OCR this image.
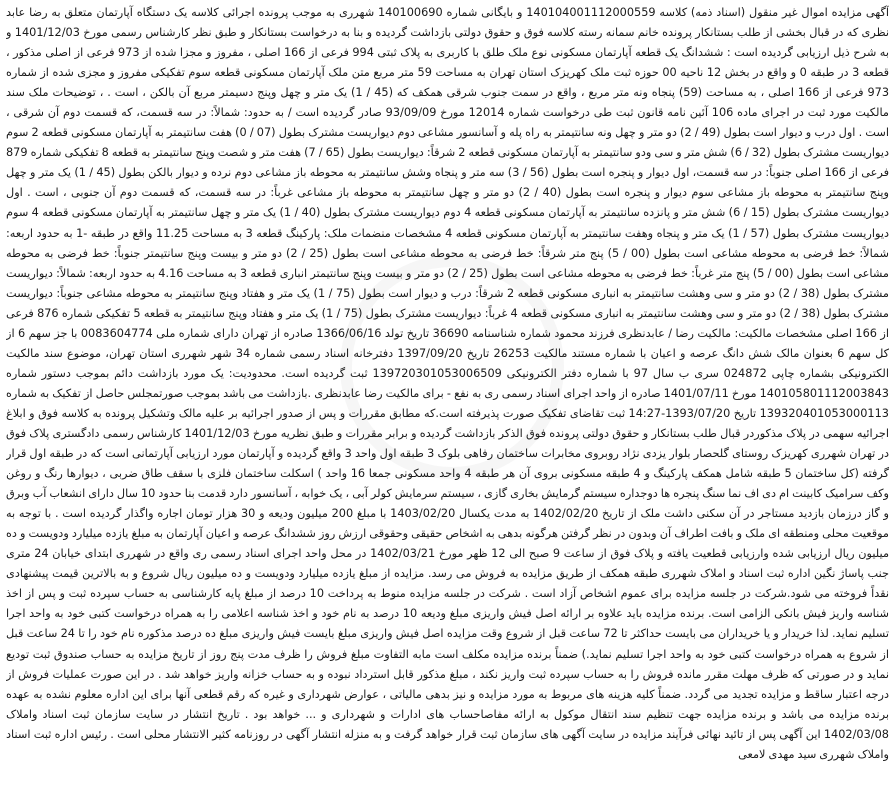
آگهی مزایده اموال غیر منقول (اسناد ذمه) کلاسه 140104001112000559 و بایگانی شماره 140100690 شهرری به موجب پرونده اجرائی کلاسه یک دستگاه آپارتمان متعلق به رضا عابد نظری که در قبال بخشی از طلب بستانکار پرونده خانم سمانه رسته کلاسه فوق و حقوق دولتی بازداشت گردیده و بنا به درخواست بستانکار و طبق نظر کارشناس رسمی مورخ 1401/12/03 و به شرح ذیل ارزیابی گردیده است : ششدانگ یک قطعه آپارتمان مسکونی نوع ملک طلق با کاربری به پلاک ثبتی 994 فرعی از 166 اصلی ، مفروز و مجزا شده از 973 فرعی از اصلی مذکور ، قطعه 3 در طبقه 0 و واقع در بخش 12 ناحیه 00 حوزه ثبت ملک کهریزک استان تهران به مساحت 59 متر مربع متن ملک آپارتمان مسکونی قطعه سوم تفکیکی مفروز و مجزی شده از شماره 973 فرعی از 166 اصلی ، به مساحت (59) پنجاه ونه متر مربع ، واقع در سمت جنوب شرقی همکف که (45 / 1) یک متر و چهل وپنج دسیمتر مربع آن بالکن ، است . ، توضیحات ملک سند مالکیت مورد ثبت در اجرای ماده 106 آئین نامه قانون ثبت طی درخواست شماره 12014 مورخ 93/09/09 صادر گردیده است / به حدود: شمالاً: در سه قسمت، که قسمت دوم آن شرقی ، است . اول درب و دیوار است بطول (49 / 2) دو متر و چهل ونه سانتیمتر به راه پله و آسانسور مشاعی دوم دیواریست مشترک بطول (07 / 0) هفت سانتیمتر به آپارتمان مسکونی قطعه 2 سوم دیواریست مشترک بطول (32 / 6) شش متر و سی ودو سانتیمتر به آپارتمان مسکونی قطعه 2 شرقاً: دیواریست بطول (65 / 7) هفت متر و شصت وپنج سانتیمتر به قطعه 8 تفکیکی شماره 879 فرعی از 166 اصلی جنوباً: در سه قسمت، اول دیوار و پنجره است بطول (56 / 3) سه متر و پنجاه وشش سانتیمتر به محوطه باز مشاعی دوم نرده و دیوار بالکن بطول (45 / 1) یک متر و چهل وپنج سانتیمتر به محوطه باز مشاعی سوم دیوار و پنجره است بطول (40 / 2) دو متر و چهل سانتیمتر به محوطه باز مشاعی غرباً: در سه قسمت، که قسمت دوم آن جنوبی ، است . اول دیواریست مشترک بطول (15 / 6) شش متر و پانزده سانتیمتر به آپارتمان مسکونی قطعه 4 دوم دیواریست مشترک بطول (40 / 1) یک متر و چهل سانتیمتر به آپارتمان مسکونی قطعه 4 سوم دیواریست مشترک بطول (57 / 1) یک متر و پنجاه وهفت سانتیمتر به آپارتمان مسکونی قطعه 4 مشخصات منضمات ملک: پارکینگ قطعه 3 به مساحت 11.25 واقع در طبقه -1 به حدود اربعه: شمالاً: خط فرضی به محوطه مشاعی است بطول (00 / 5) پنج متر شرقاً: خط فرضی به محوطه مشاعی است بطول (25 / 2) دو متر و بیست وپنج سانتیمتر جنوباً: خط فرضی به محوطه مشاعی است بطول (00 / 5) پنج متر غرباً: خط فرضی به محوطه مشاعی است بطول (25 / 2) دو متر و بیست وپنج سانتیمتر انباری قطعه 3 به مساحت 4.16 به حدود اربعه: شمالاً: دیواریست مشترک بطول (38 / 2) دو متر و سی وهشت سانتیمتر به انباری مسکونی قطعه 2 شرقاً: درب و دیوار است بطول (75 / 1) یک متر و هفتاد وپنج سانتیمتر به محوطه مشاعی جنوباً: دیواریست مشترک بطول (38 / 2) دو متر و سی وهشت سانتیمتر به انباری مسکونی قطعه 4 غرباً: دیواریست مشترک بطول (75 / 1) یک متر و هفتاد وپنج سانتیمتر به قطعه 5 تفکیکی شماره 876 فرعی از 166 اصلی مشخصات مالکیت: مالکیت رضا / عابدنظری فرزند محمود شماره شناسنامه 36690 تاریخ تولد 1366/06/16 صادره از تهران دارای شماره ملی 0083604774 با جز سهم 6 از کل سهم 6 بعنوان مالک شش دانگ عرصه و اعیان با شماره مستند مالکیت 26253 تاریخ 1397/09/20 دفترخانه اسناد رسمی شماره 34 شهر شهرری استان تهران، موضوع سند مالکیت الکترونیکی بشماره چاپی 024872 سری ب سال 97 با شماره دفتر الکترونیکی 139720301053006509 ثبت گردیده است. محدودیت: یک مورد بازداشت دائم بموجب دستور شماره 140105801112003843 مورخ 1401/07/11 صادره از واحد اجرای اسناد رسمی ری به نفع - برای مالکیت رضا عابدنظری .بازداشت می باشد بموجب صورتمجلس حاصل از تفکیک به شماره 139320401053000113 تاریخ 1393/07/20-14:27 ثبت تقاضای تفکیک صورت پذیرفته است.که مطابق مقررات و پس از صدور اجرائیه بر علیه مالک وتشکیل پرونده به کلاسه فوق و ابلاغ اجرائیه سهمی در پلاک مذکوردر قبال طلب بستانکار و حقوق دولتی پرونده فوق الذکر بازداشت گردیده و برابر مقررات و طبق نظریه مورخ 1401/12/03 کارشناس رسمی دادگستری پلاک فوق در تهران شهرری کهریزک روستای گلحصار بلوار یزدی نژاد روبروی مخابرات ساختمان رفاهی بلوک 3 طبقه اول واحد 3 واقع گردیده و آپارتمان مورد ارزیابی آپارتمانی است که در طبقه اول قرار گرفته (کل ساختمان 5 طبقه شامل همکف پارکینگ و 4 طبقه مسکونی بروی آن هر طبقه 4 واحد مسکونی جمعا 16 واحد ) اسکلت ساختمان فلزی با سقف طاق ضربی ، دیوارها رنگ و روغن وکف سرامیک کابینت ام دی اف نما سنگ پنجره ها دوجداره سیستم گرمایش بخاری گازی ، سیستم سرمایش کولر آبی ، یک خوابه ، آسانسور دارد قدمت بنا حدود 10 سال دارای انشعاب آب وبرق و گاز درزمان بازدید مستاجر در آن سکنی داشت ملک از تاریخ 1402/02/20 به مدت یکسال 1403/02/20 با مبلغ 200 میلیون ودیعه و 30 هزار تومان اجاره واگذار گردیده است . با توجه به موقعیت محلی ومنطقه ای ملک و بافت اطراف آن وبدون در نظر گرفتن هرگونه بدهی به اشخاص حقیقی وحقوقی ارزش روز ششدانگ عرصه و اعیان آپارتمان به مبلغ یازده میلیارد ودویست و ده میلیون ریال ارزیابی شده وارزیابی قطعیت یافته و پلاک فوق از ساعت 9 صبح الی 12 ظهر مورخ 1402/03/21 در محل واحد اجرای اسناد رسمی ری واقع در شهرری ابتدای خیابان 24 متری جنب پاساژ نگین اداره ثبت اسناد و املاک شهرری طبقه همکف از طریق مزایده به فروش می رسد. مزایده از مبلغ یازده میلیارد ودویست و ده میلیون ریال شروع و به بالاترین قیمت پیشنهادی نقداً فروخته می شود.شرکت در جلسه مزایده برای عموم اشخاص آزاد است . شرکت در جلسه مزایده منوط به پرداخت 10 درصد از مبلغ پایه کارشناسی به حساب سپرده ثبت و پس از اخذ شناسه واریز فیش بانکی الزامی است. برنده مزایده باید علاوه بر ارائه اصل فیش واریزی مبلغ ودیعه 10 درصد به نام خود و اخذ شناسه اعلامی را به همراه درخواست کتبی خود به واحد اجرا تسلیم نماید. لذا خریدار و یا خریداران می بایست حداکثر تا 72 ساعت قبل از شروع وقت مزایده اصل فیش واریزی مبلغ بایست فیش واریزی مبلغ ده درصد مذکوره نام خود را تا 24 ساعت قبل از شروع به همراه درخواست کتبی خود به واحد اجرا تسلیم نماید.) ضمناً برنده مزایده مکلف است مابه التفاوت مبلغ فروش را ظرف مدت پنج روز از تاریخ مزایده به حساب صندوق ثبت تودیع نماید و در صورتی که ظرف مهلت مقرر مانده فروش را به حساب سپرده ثبت واریز نکند ، مبلغ مذکور قابل استرداد نبوده و به حساب خزانه واریز خواهد شد . در این صورت عملیات فروش از درجه اعتبار ساقط و مزایده تجدید می گردد. ضمناً کلیه هزینه های مربوط به مورد مزایده و نیز بدهی مالیاتی ، عوارض شهرداری و غیره که رقم قطعی آنها برای این اداره معلوم نشده به عهده برنده مزایده می باشد و برنده مزایده جهت تنظیم سند انتقال موکول به ارائه مفاصاحساب های ادارات و شهرداری و ... خواهد بود . تاریخ انتشار در سایت سازمان ثبت اسناد واملاک 1402/03/08 این آگهی پس از تائید نهائی فرآیند مزایده در سایت آگهی های سازمان ثبت قرار خواهد گرفت و به منزله انتشار آگهی در روزنامه کثیر الانتشار محلی است . رئیس اداره ثبت اسناد واملاک شهرری سید مهدی لامعی
